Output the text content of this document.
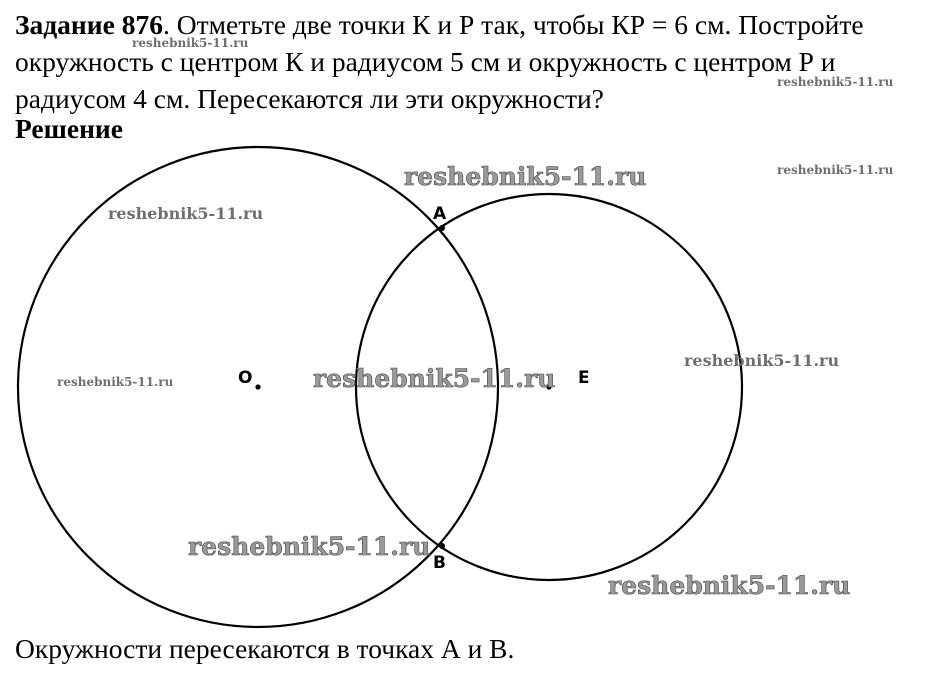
Задание 876. Отметьте две точки К и Р так, чтобы КР = 6 см. Постройте окружность с центром К и радиусом 5 см и окружность с центром Р и радиусом 4 см. Пересекаются ли эти окружности?
Решение
O	E
A
B
reshebnik5-11.ru
reshebnik5-11.ru
reshebnik5-11.ru	reshebnik5-11.ru
reshebnik5-11.ru
reshebnik5-11.ru
reshebnik5-11.ru	reshebnik5-11.ru
reshebnik5-11.ru
reshebnik5-11.ru
Окружности пересекаются в точках А и В.
